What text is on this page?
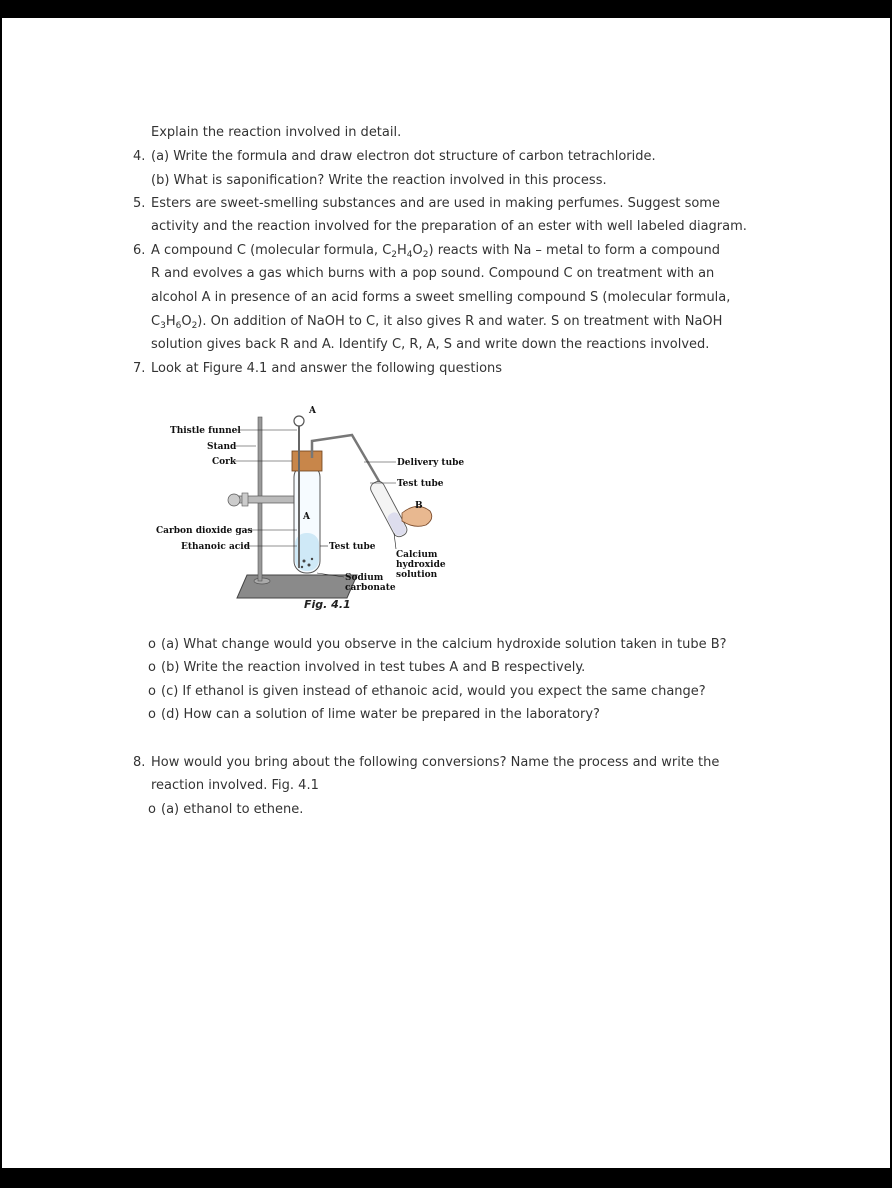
Explain the reaction involved in detail.
4. (a) Write the formula and draw electron dot structure of carbon tetrachloride.
(b) What is saponification? Write the reaction involved in this process.
5. Esters are sweet-smelling substances and are used in making perfumes. Suggest some
activity and the reaction involved for the preparation of an ester with well labeled diagram.
6. A compound C (molecular formula, $C_2H_4O_2$) reacts with Na – metal to form a compound
R and evolves a gas which burns with a pop sound. Compound C on treatment with an
alcohol A in presence of an acid forms a sweet smelling compound S (molecular formula,
$C_3H_6O_2$). On addition of NaOH to C, it also gives R and water. S on treatment with NaOH
solution gives back R and A. Identify C, R, A, S and write down the reactions involved.
7. Look at Figure 4.1 and answer the following questions
A
Thistle funnel
Stand
Cork	Delivery tube
Test tube
B
A
Carbon dioxide gas
Ethanoic acid	Test tube
Calcium
hydroxide
solution
Sodium
carbonate
Fig. 4.1
o (a) What change would you observe in the calcium hydroxide solution taken in tube B?
o (b) Write the reaction involved in test tubes A and B respectively.
o (c) If ethanol is given instead of ethanoic acid, would you expect the same change?
o (d) How can a solution of lime water be prepared in the laboratory?
8. How would you bring about the following conversions? Name the process and write the
reaction involved. Fig. 4.1
o (a) ethanol to ethene.
